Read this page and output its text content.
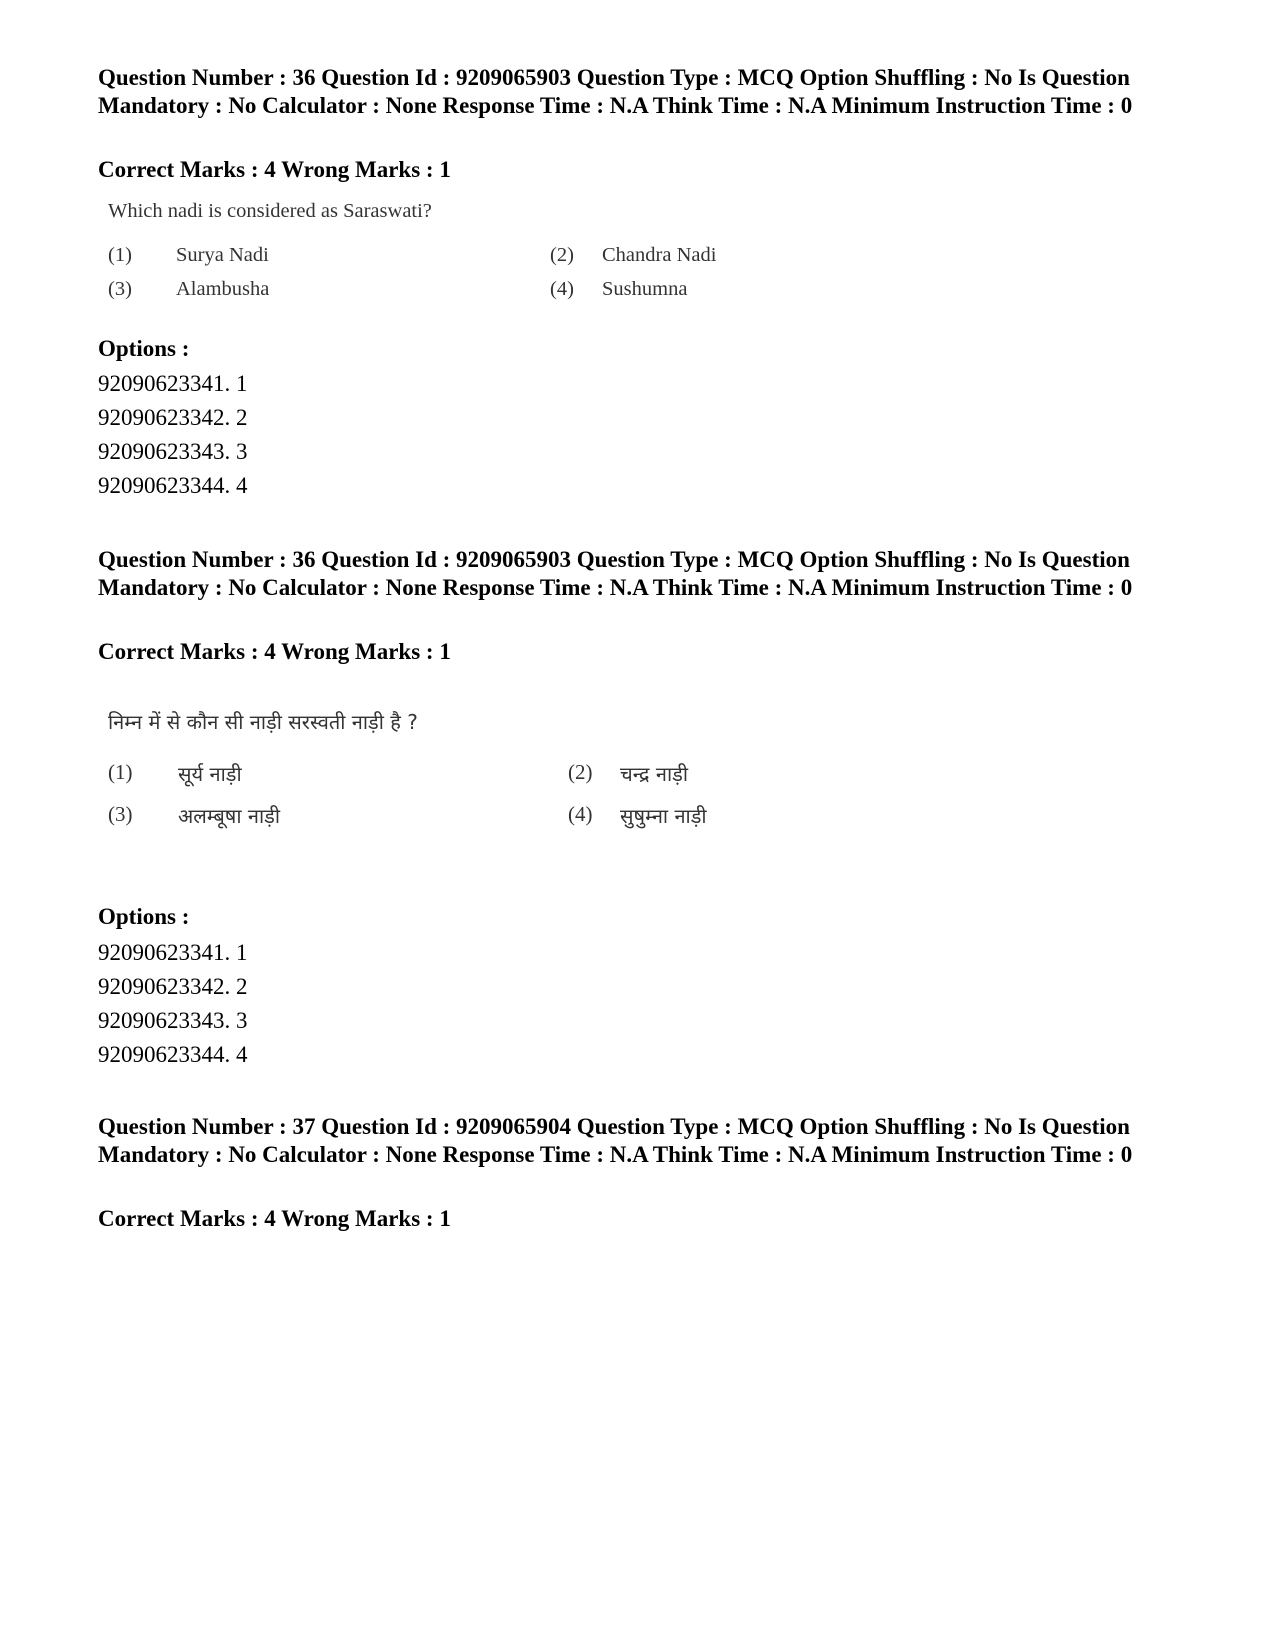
Question Number : 36 Question Id : 9209065903 Question Type : MCQ Option Shuffling : No Is Question Mandatory : No Calculator : None Response Time : N.A Think Time : N.A Minimum Instruction Time : 0
Correct Marks : 4 Wrong Marks : 1
Which nadi is considered as Saraswati?
(1) Surya Nadi	(2) Chandra Nadi
(3) Alambusha	(4) Sushumna
Options :
92090623341. 1
92090623342. 2
92090623343. 3
92090623344. 4
Question Number : 36 Question Id : 9209065903 Question Type : MCQ Option Shuffling : No Is Question Mandatory : No Calculator : None Response Time : N.A Think Time : N.A Minimum Instruction Time : 0
Correct Marks : 4 Wrong Marks : 1
निम्न में से कौन सी नाड़ी सरस्वती नाड़ी है ?
(1) सूर्य नाड़ी	(2) चन्द्र नाड़ी
(3) अलम्बूषा नाड़ी	(4) सुषुम्ना नाड़ी
Options :
92090623341. 1
92090623342. 2
92090623343. 3
92090623344. 4
Question Number : 37 Question Id : 9209065904 Question Type : MCQ Option Shuffling : No Is Question Mandatory : No Calculator : None Response Time : N.A Think Time : N.A Minimum Instruction Time : 0
Correct Marks : 4 Wrong Marks : 1
